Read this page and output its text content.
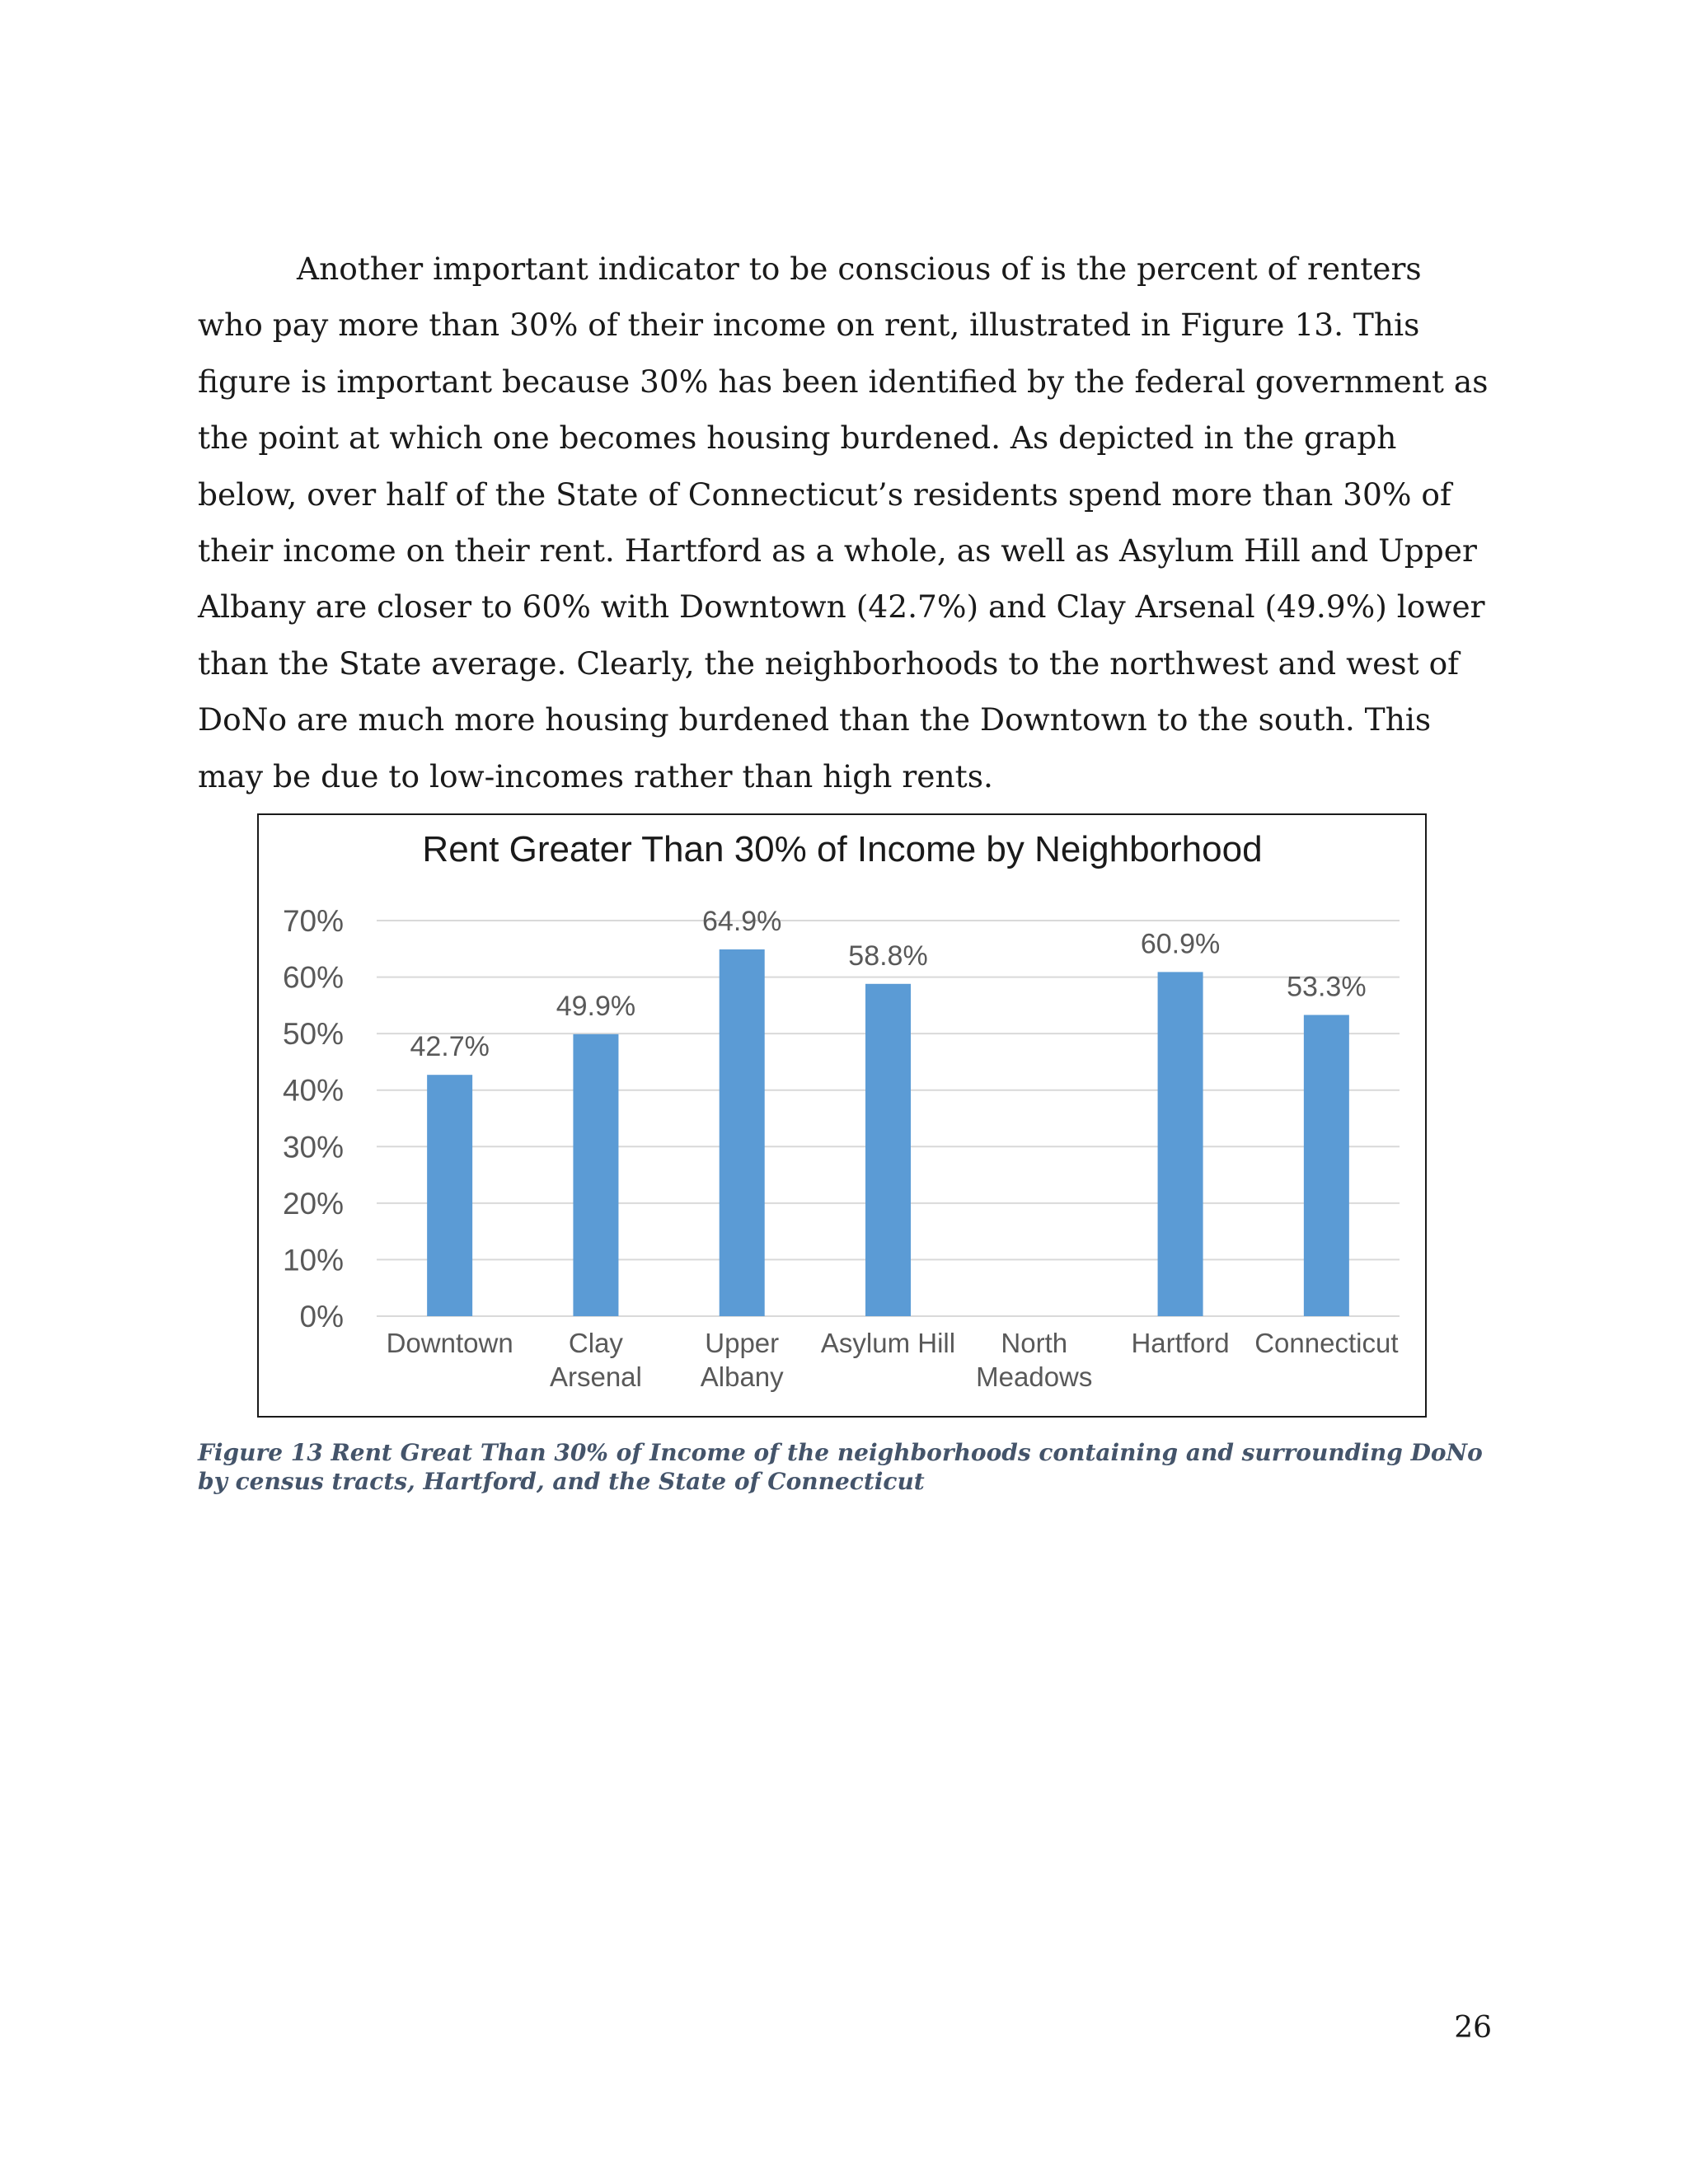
Another important indicator to be conscious of is the percent of renters who pay more than 30% of their income on rent, illustrated in Figure 13. This figure is important because 30% has been identified by the federal government as the point at which one becomes housing burdened. As depicted in the graph below, over half of the State of Connecticut’s residents spend more than 30% of their income on their rent. Hartford as a whole, as well as Asylum Hill and Upper Albany are closer to 60% with Downtown (42.7%) and Clay Arsenal (49.9%) lower than the State average. Clearly, the neighborhoods to the northwest and west of DoNo are much more housing burdened than the Downtown to the south. This may be due to low-incomes rather than high rents.

Rent Greater Than 30% of Income by Neighborhood
0%
10%
20%
30%
40%
50%
60%
70%
42.7%
49.9%
64.9%
58.8%	60.9%
53.3%
Downtown	Clay Arsenal
Upper Albany
Asylum Hill	North Meadows
Hartford Connecticut

Figure 13 Rent Great Than 30% of Income of the neighborhoods containing and surrounding DoNo by census tracts, Hartford, and the State of Connecticut

26
